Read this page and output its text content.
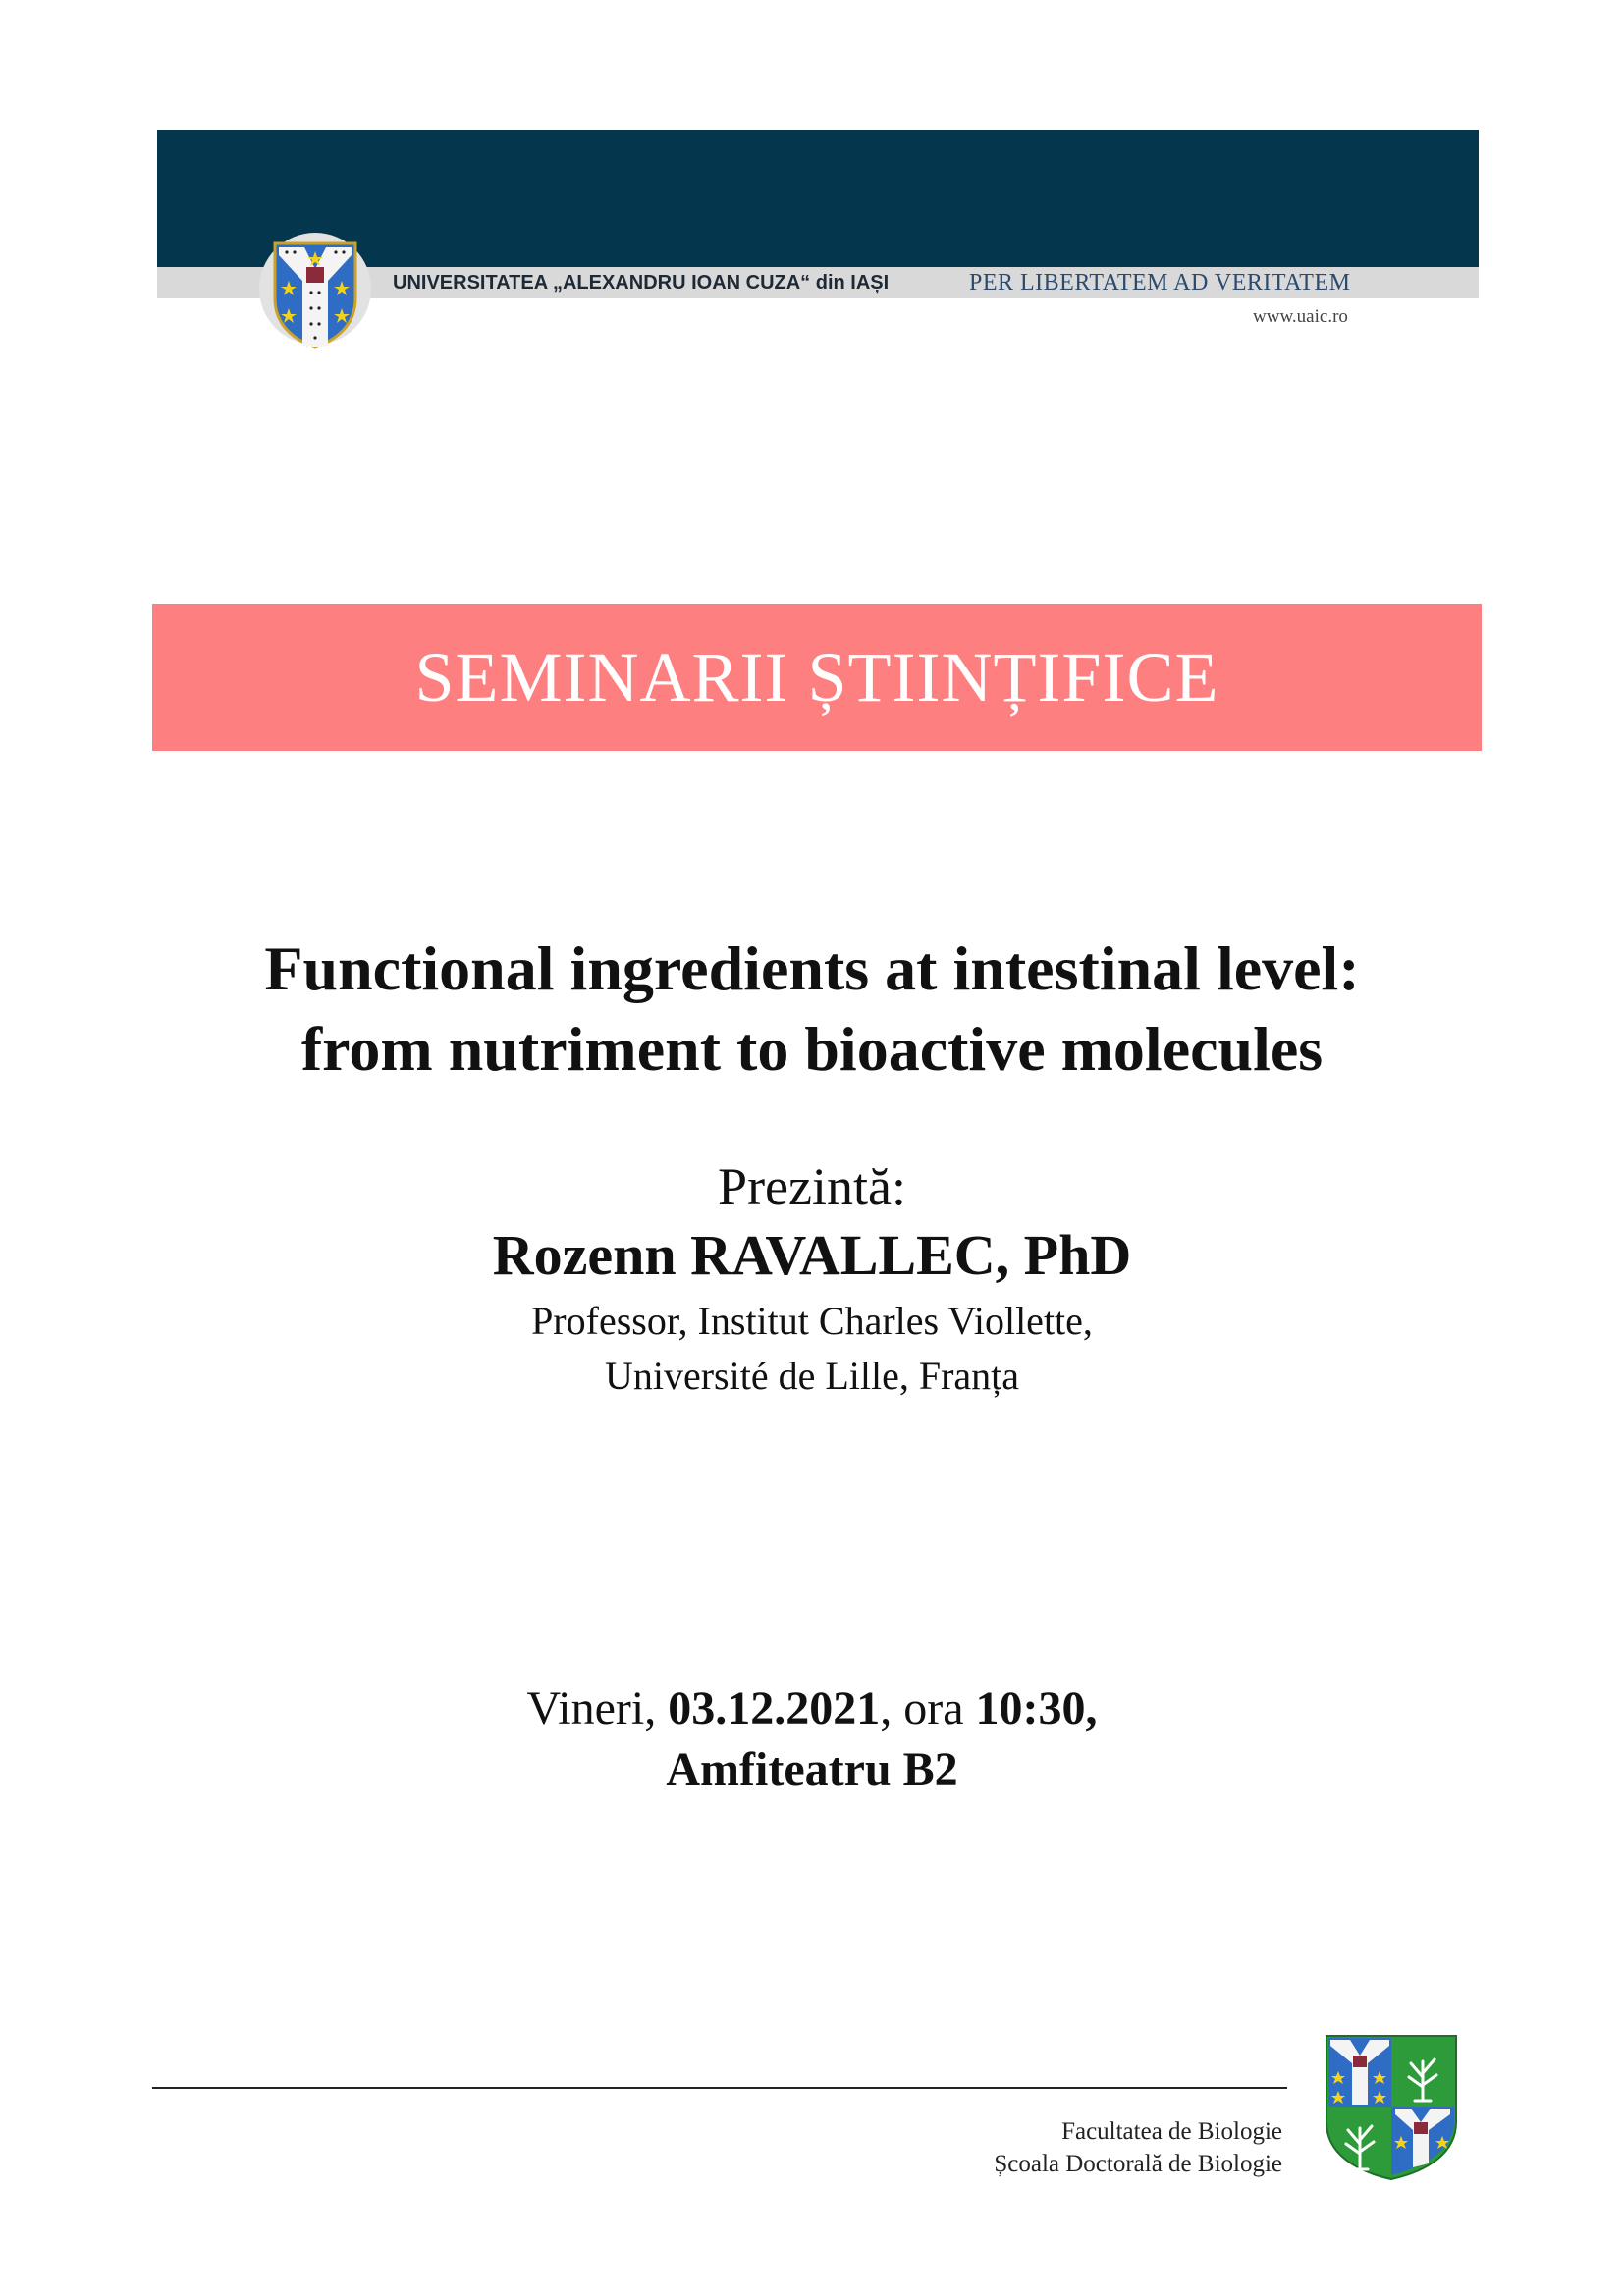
UNIVERSITATEA „ALEXANDRU IOAN CUZA“ din IAȘI	PER LIBERTATEM AD VERITATEM
www.uaic.ro
SEMINARII ȘTIINȚIFICE
Functional ingredients at intestinal level:
from nutriment to bioactive molecules
Prezintă:
Rozenn RAVALLEC, PhD
Professor, Institut Charles Viollette,
Université de Lille, Franța
Vineri, 03.12.2021, ora 10:30,
Amfiteatru B2
Facultatea de Biologie
Școala Doctorală de Biologie
